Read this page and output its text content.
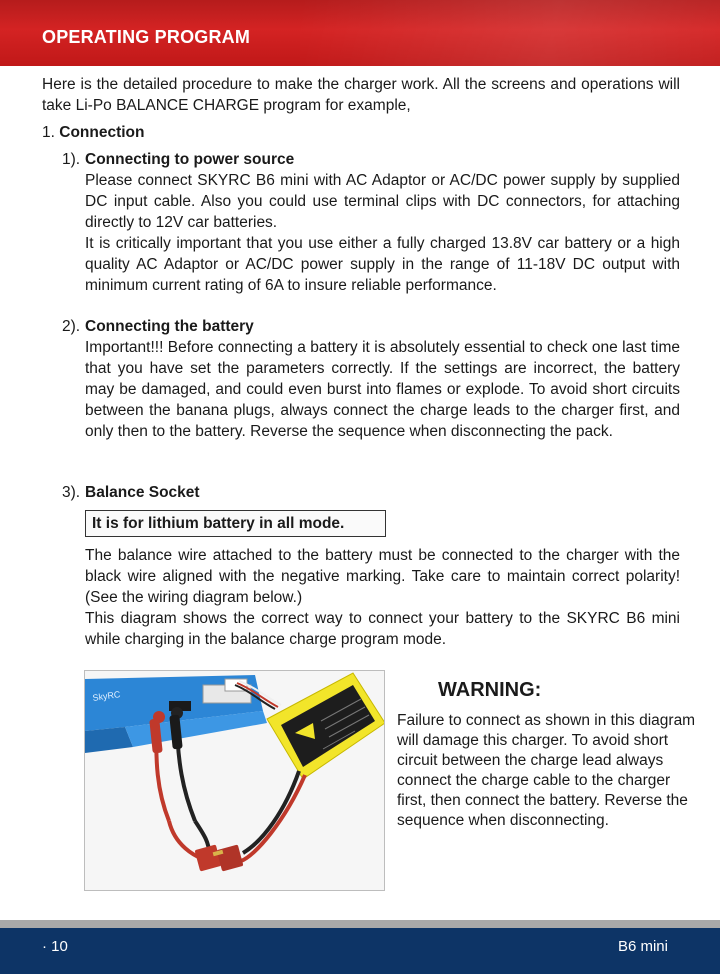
OPERATING PROGRAM

Here is the detailed procedure to make the charger work. All the screens and operations will take Li-Po BALANCE CHARGE program for example,

1. Connection
1). Connecting to power source

Please connect SKYRC B6 mini with AC Adaptor or AC/DC power supply by supplied DC input cable. Also you could use terminal clips with DC connectors, for attaching directly to 12V car batteries.

It is critically important that you use either a fully charged 13.8V car battery or a high quality AC Adaptor or AC/DC power supply in the range of 11-18V DC output with minimum current rating of 6A to insure reliable performance.

2). Connecting the battery

Important!!! Before connecting a battery it is absolutely essential to check one last time that you have set the parameters correctly. If the settings are incorrect, the battery may be damaged, and could even burst into flames or explode. To avoid short circuits between the banana plugs, always connect the charge leads to the charger first, and only then to the battery. Reverse the sequence when disconnecting the pack.

3). Balance Socket
It is for lithium battery in all mode.

The balance wire attached to the battery must be connected to the charger with the black wire aligned with the negative marking. Take care to maintain correct polarity! (See the wiring diagram below.)

This diagram shows the correct way to connect your battery to the SKYRC B6 mini while charging in the balance charge program mode.

SkyRC	WARNING:

Failure to connect as shown in this diagram will damage this charger. To avoid short circuit between the charge lead always connect the charge cable to the charger first, then connect the battery. Reverse the sequence when disconnecting.

· 10	B6 mini
